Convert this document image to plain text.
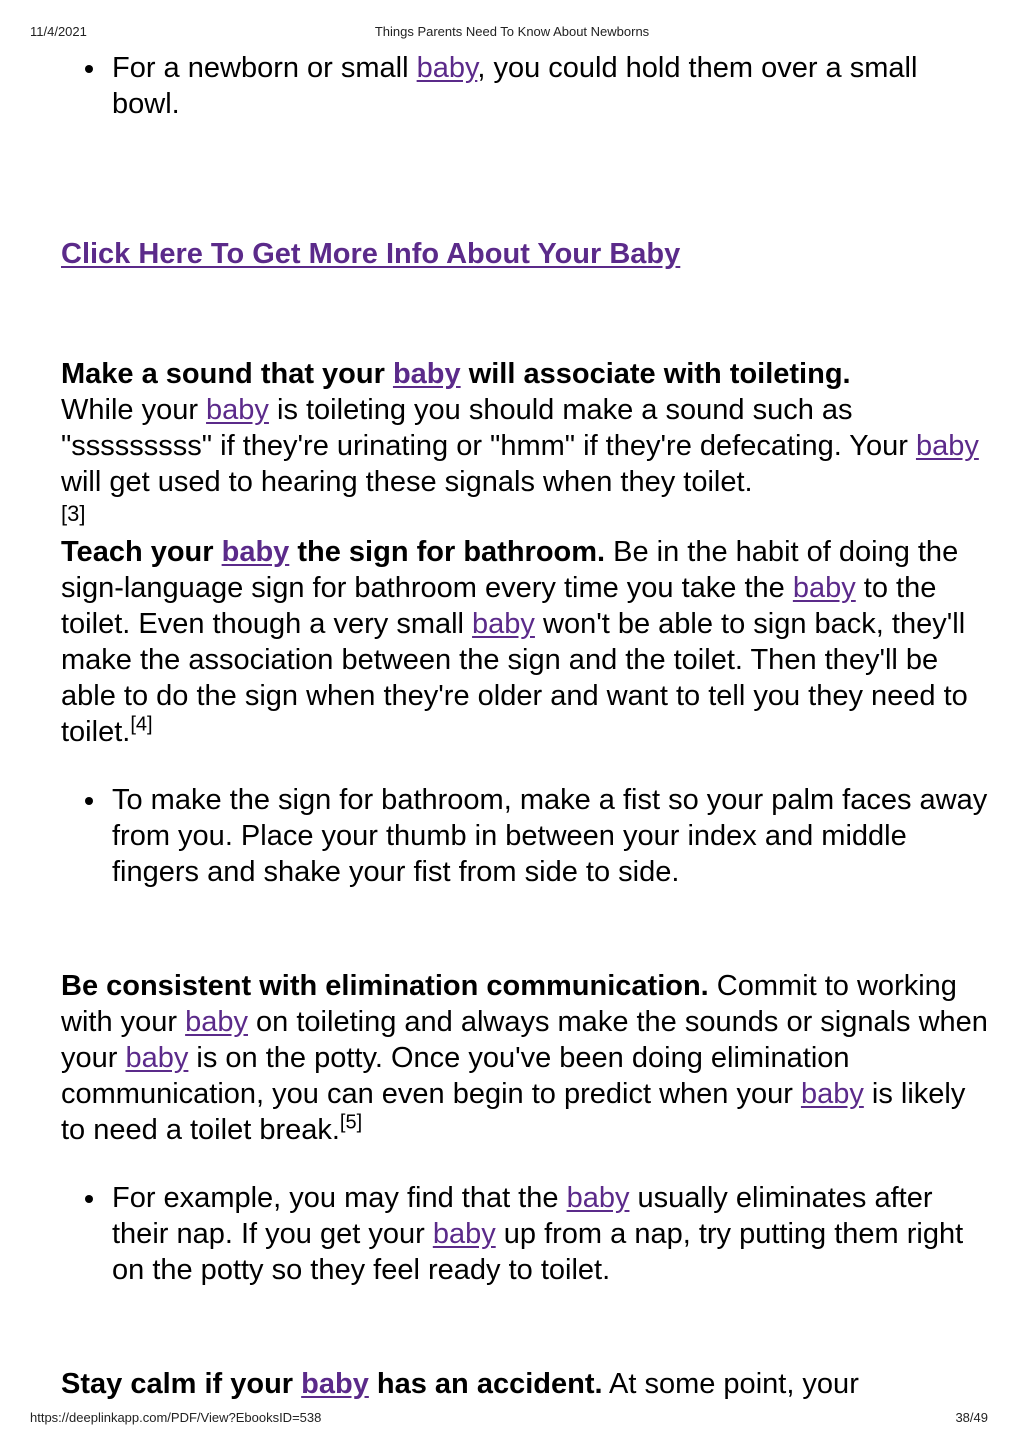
11/4/2021	Things Parents Need To Know About Newborns
For a newborn or small baby, you could hold them over a small bowl.

Click Here To Get More Info About Your Baby

Make a sound that your baby will associate with toileting.
While your baby is toileting you should make a sound such as "sssssssss" if they're urinating or "hmm" if they're defecating. Your baby will get used to hearing these signals when they toilet.
[3]

Teach your baby the sign for bathroom. Be in the habit of doing the sign-language sign for bathroom every time you take the baby to the toilet. Even though a very small baby won't be able to sign back, they'll make the association between the sign and the toilet. Then they'll be able to do the sign when they're older and want to tell you they need to toilet.[4]

To make the sign for bathroom, make a fist so your palm faces away from you. Place your thumb in between your index and middle fingers and shake your fist from side to side.

Be consistent with elimination communication. Commit to working with your baby on toileting and always make the sounds or signals when your baby is on the potty. Once you've been doing elimination communication, you can even begin to predict when your baby is likely to need a toilet break.[5]

For example, you may find that the baby usually eliminates after their nap. If you get your baby up from a nap, try putting them right on the potty so they feel ready to toilet.

Stay calm if your baby has an accident. At some point, your

https://deeplinkapp.com/PDF/View?EbooksID=538	38/49
